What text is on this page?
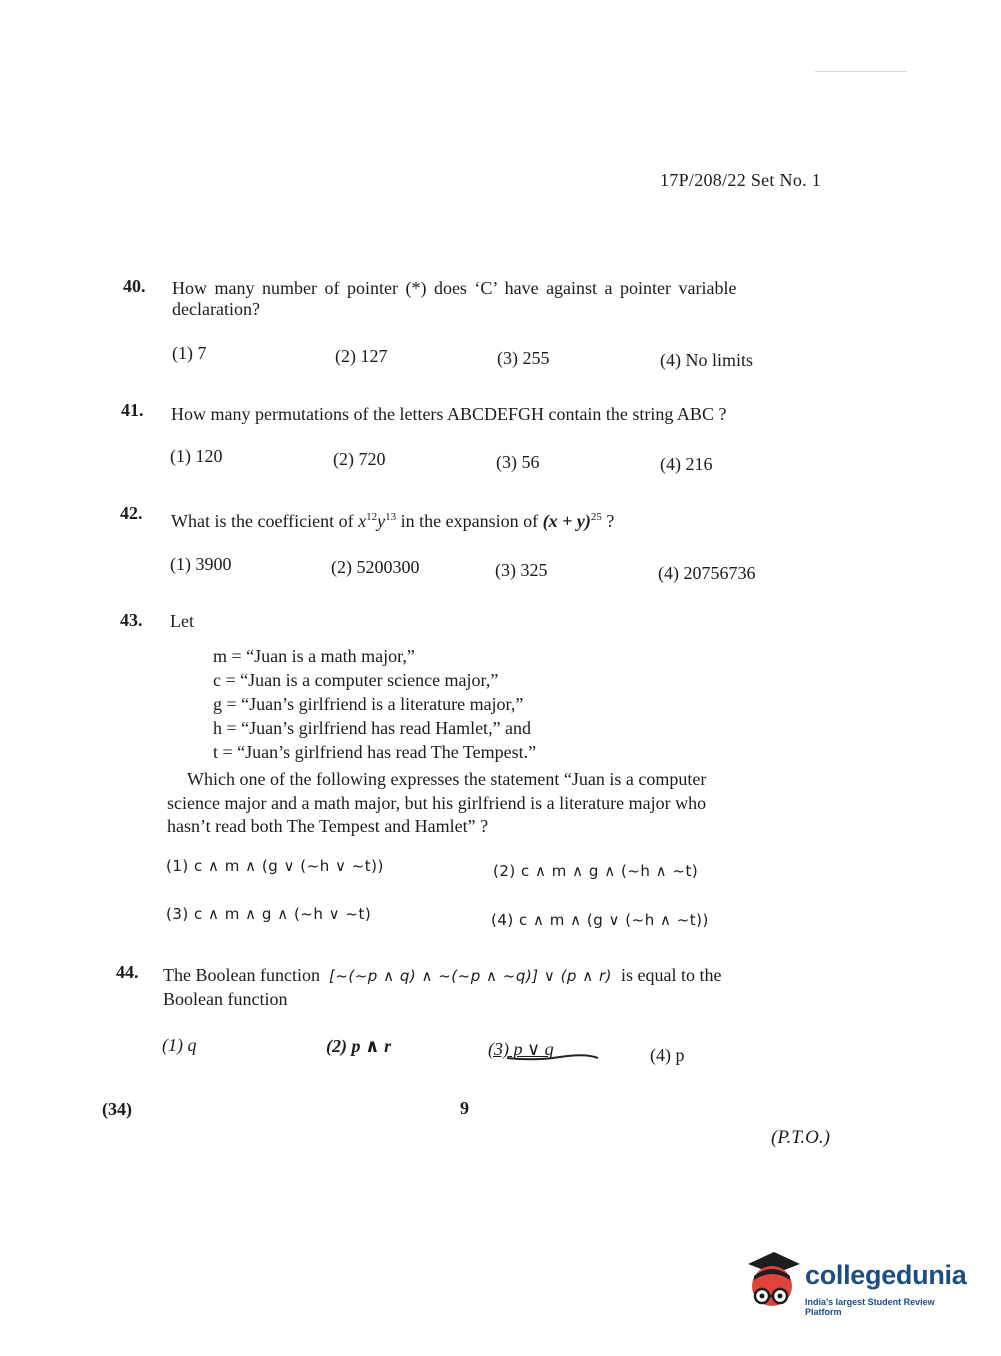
17P/208/22 Set No. 1
40. How many number of pointer (*) does ‘C’ have against a pointer variable
declaration?
(1) 7	(2) 127	(3) 255	(4) No limits
41. How many permutations of the letters ABCDEFGH contain the string ABC ?
(1) 120	(2) 720	(3) 56	(4) 216
42. What is the coefficient of $x^{12}y^{13}$ in the expansion of $(x + y)^{25}$ ?
(1) 3900	(2) 5200300	(3) 325	(4) 20756736
43. Let
m = “Juan is a math major,”
c = “Juan is a computer science major,”
g = “Juan’s girlfriend is a literature major,”
h = “Juan’s girlfriend has read Hamlet,” and
t = “Juan’s girlfriend has read The Tempest.”
Which one of the following expresses the statement “Juan is a computer
science major and a math major, but his girlfriend is a literature major who
hasn’t read both The Tempest and Hamlet” ?
(1) c ∧ m ∧ (g ∨ (~h ∨ ~t))	(2) c ∧ m ∧ g ∧ (~h ∧ ~t)
(3) c ∧ m ∧ g ∧ (~h ∨ ~t)	(4) c ∧ m ∧ (g ∨ (~h ∧ ~t))
44. The Boolean function [~(~p ∧ q) ∧ ~(~p ∧ ~q)] ∨ (p ∧ r) is equal to the
Boolean function
(1) q	(2) p ∧ r	(3) p ∨ q	(4) p
(34)	9
(P.T.O.)
collegedunia
India's largest Student Review Platform
